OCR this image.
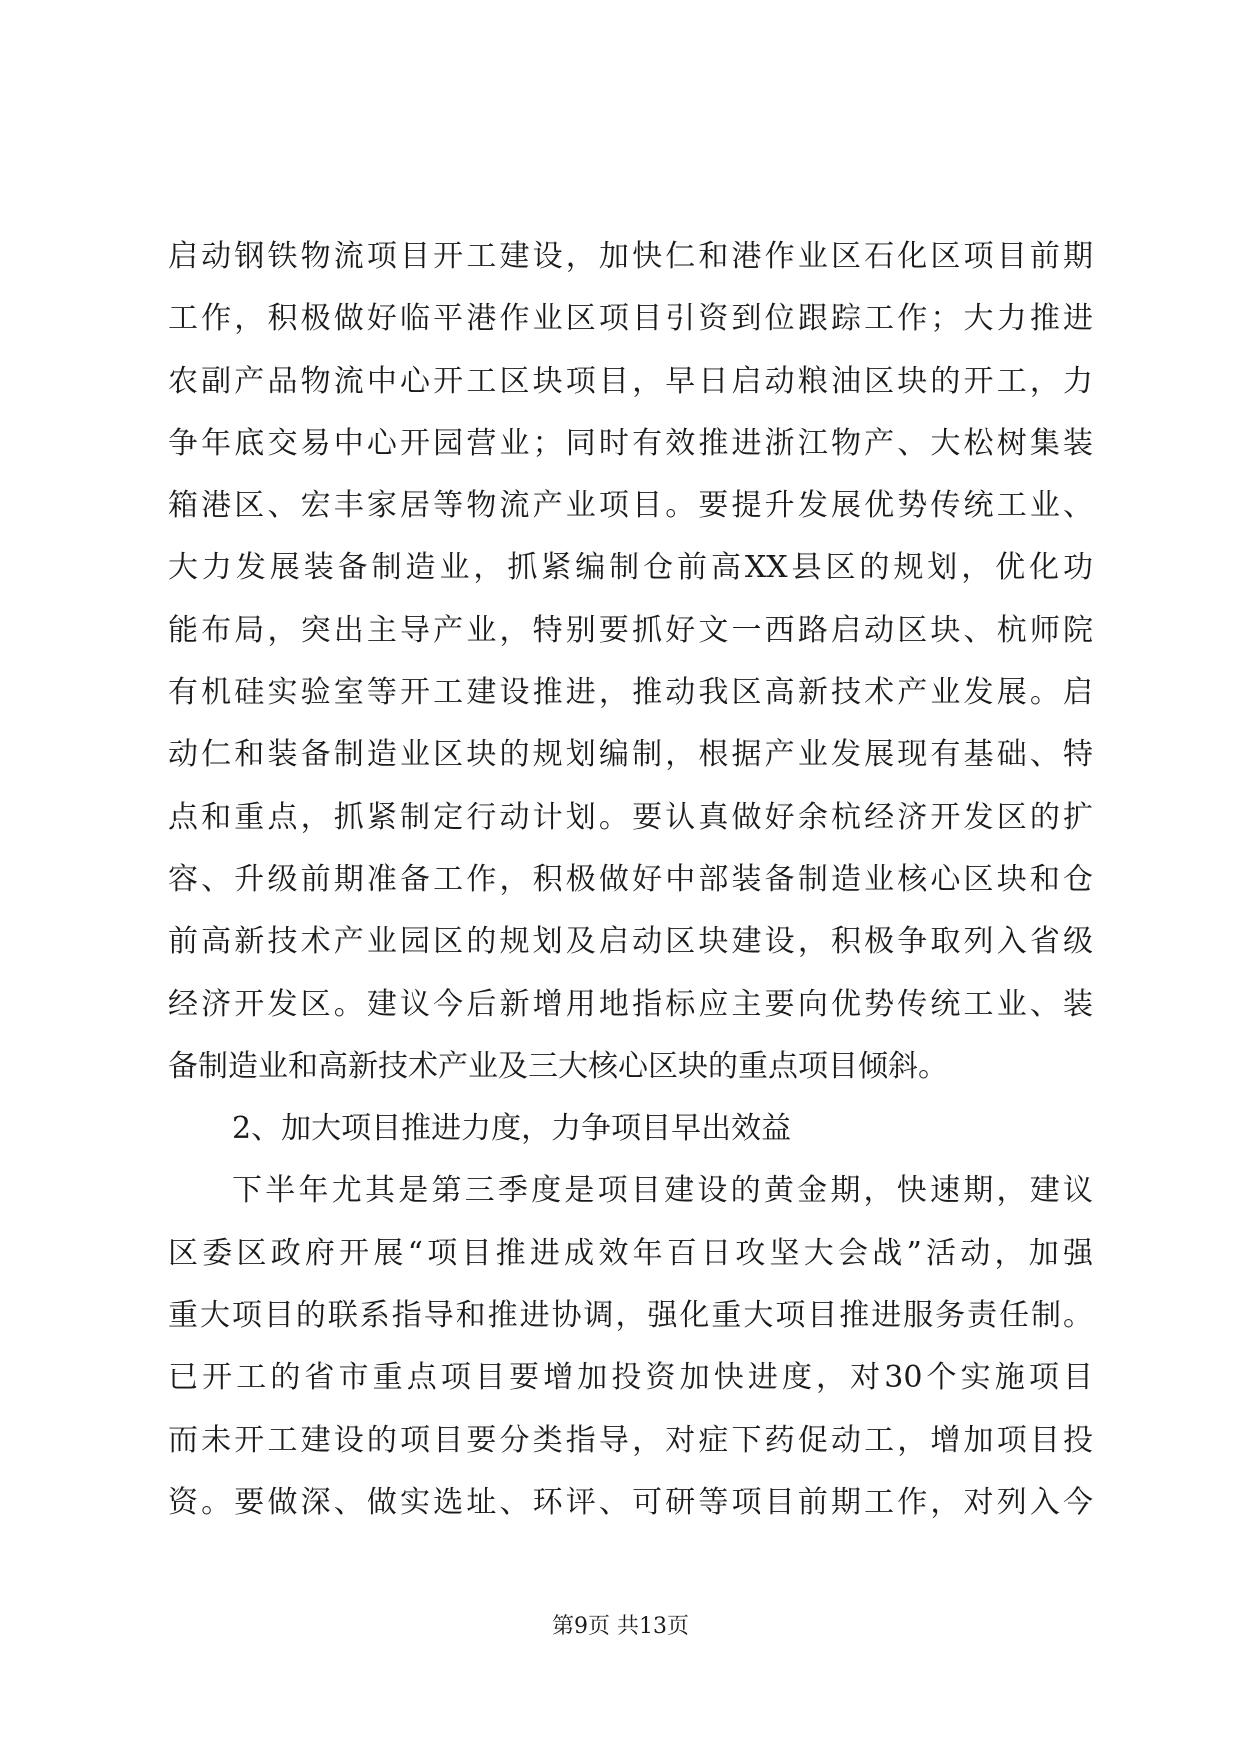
启动钢铁物流项目开工建设，加快仁和港作业区石化区项目前期
工作，积极做好临平港作业区项目引资到位跟踪工作；大力推进
农副产品物流中心开工区块项目，早日启动粮油区块的开工，力
争年底交易中心开园营业；同时有效推进浙江物产、大松树集装
箱港区、宏丰家居等物流产业项目。要提升发展优势传统工业、
大力发展装备制造业，抓紧编制仓前高XX县区的规划，优化功
能布局，突出主导产业，特别要抓好文一西路启动区块、杭师院
有机硅实验室等开工建设推进，推动我区高新技术产业发展。启
动仁和装备制造业区块的规划编制，根据产业发展现有基础、特
点和重点，抓紧制定行动计划。要认真做好余杭经济开发区的扩
容、升级前期准备工作，积极做好中部装备制造业核心区块和仓
前高新技术产业园区的规划及启动区块建设，积极争取列入省级
经济开发区。建议今后新增用地指标应主要向优势传统工业、装
备制造业和高新技术产业及三大核心区块的重点项目倾斜。
2、加大项目推进力度，力争项目早出效益
下半年尤其是第三季度是项目建设的黄金期，快速期，建议
区委区政府开展“项目推进成效年百日攻坚大会战”活动，加强
重大项目的联系指导和推进协调，强化重大项目推进服务责任制。
已开工的省市重点项目要增加投资加快进度，对30个实施项目
而未开工建设的项目要分类指导，对症下药促动工，增加项目投
资。要做深、做实选址、环评、可研等项目前期工作，对列入今
第9页 共13页
